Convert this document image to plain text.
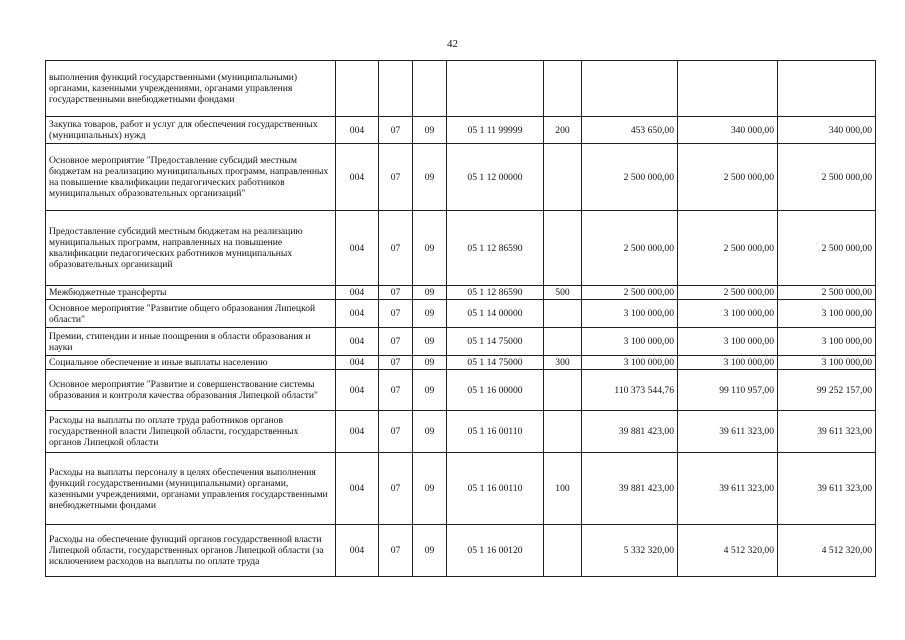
42
выполнения функций государственными (муниципальными) органами, казенными учреждениями, органами управления государственными внебюджетными фондами								
Закупка товаров, работ и услуг для обеспечения государственных (муниципальных) нужд	004	07	09	05 1 11 99999	200	453 650,00	340 000,00	340 000,00
Основное мероприятие "Предоставление субсидий местным бюджетам на реализацию муниципальных программ, направленных на повышение квалификации педагогических работников муниципальных образовательных организаций"	004	07	09	05 1 12 00000		2 500 000,00	2 500 000,00	2 500 000,00
Предоставление субсидий местным бюджетам на реализацию муниципальных программ, направленных на повышение квалификации педагогических работников муниципальных образовательных организаций	004	07	09	05 1 12 86590		2 500 000,00	2 500 000,00	2 500 000,00
Межбюджетные трансферты	004	07	09	05 1 12 86590	500	2 500 000,00	2 500 000,00	2 500 000,00
Основное мероприятие "Развитие общего образования Липецкой области"	004	07	09	05 1 14 00000		3 100 000,00	3 100 000,00	3 100 000,00
Премии, стипендии и иные поощрения в области образования и науки	004	07	09	05 1 14 75000		3 100 000,00	3 100 000,00	3 100 000,00
Социальное обеспечение и иные выплаты населению	004	07	09	05 1 14 75000	300	3 100 000,00	3 100 000,00	3 100 000,00
Основное мероприятие "Развитие и совершенствование системы образования и контроля качества образования Липецкой области"	004	07	09	05 1 16 00000		110 373 544,76	99 110 957,00	99 252 157,00
Расходы на выплаты по оплате труда работников органов государственной власти Липецкой области, государственных органов Липецкой области	004	07	09	05 1 16 00110		39 881 423,00	39 611 323,00	39 611 323,00
Расходы на выплаты персоналу в целях обеспечения выполнения функций государственными (муниципальными) органами, казенными учреждениями, органами управления государственными внебюджетными фондами	004	07	09	05 1 16 00110	100	39 881 423,00	39 611 323,00	39 611 323,00
Расходы на обеспечение функций органов государственной власти Липецкой области, государственных органов Липецкой области (за исключением расходов на выплаты по оплате труда	004	07	09	05 1 16 00120		5 332 320,00	4 512 320,00	4 512 320,00
